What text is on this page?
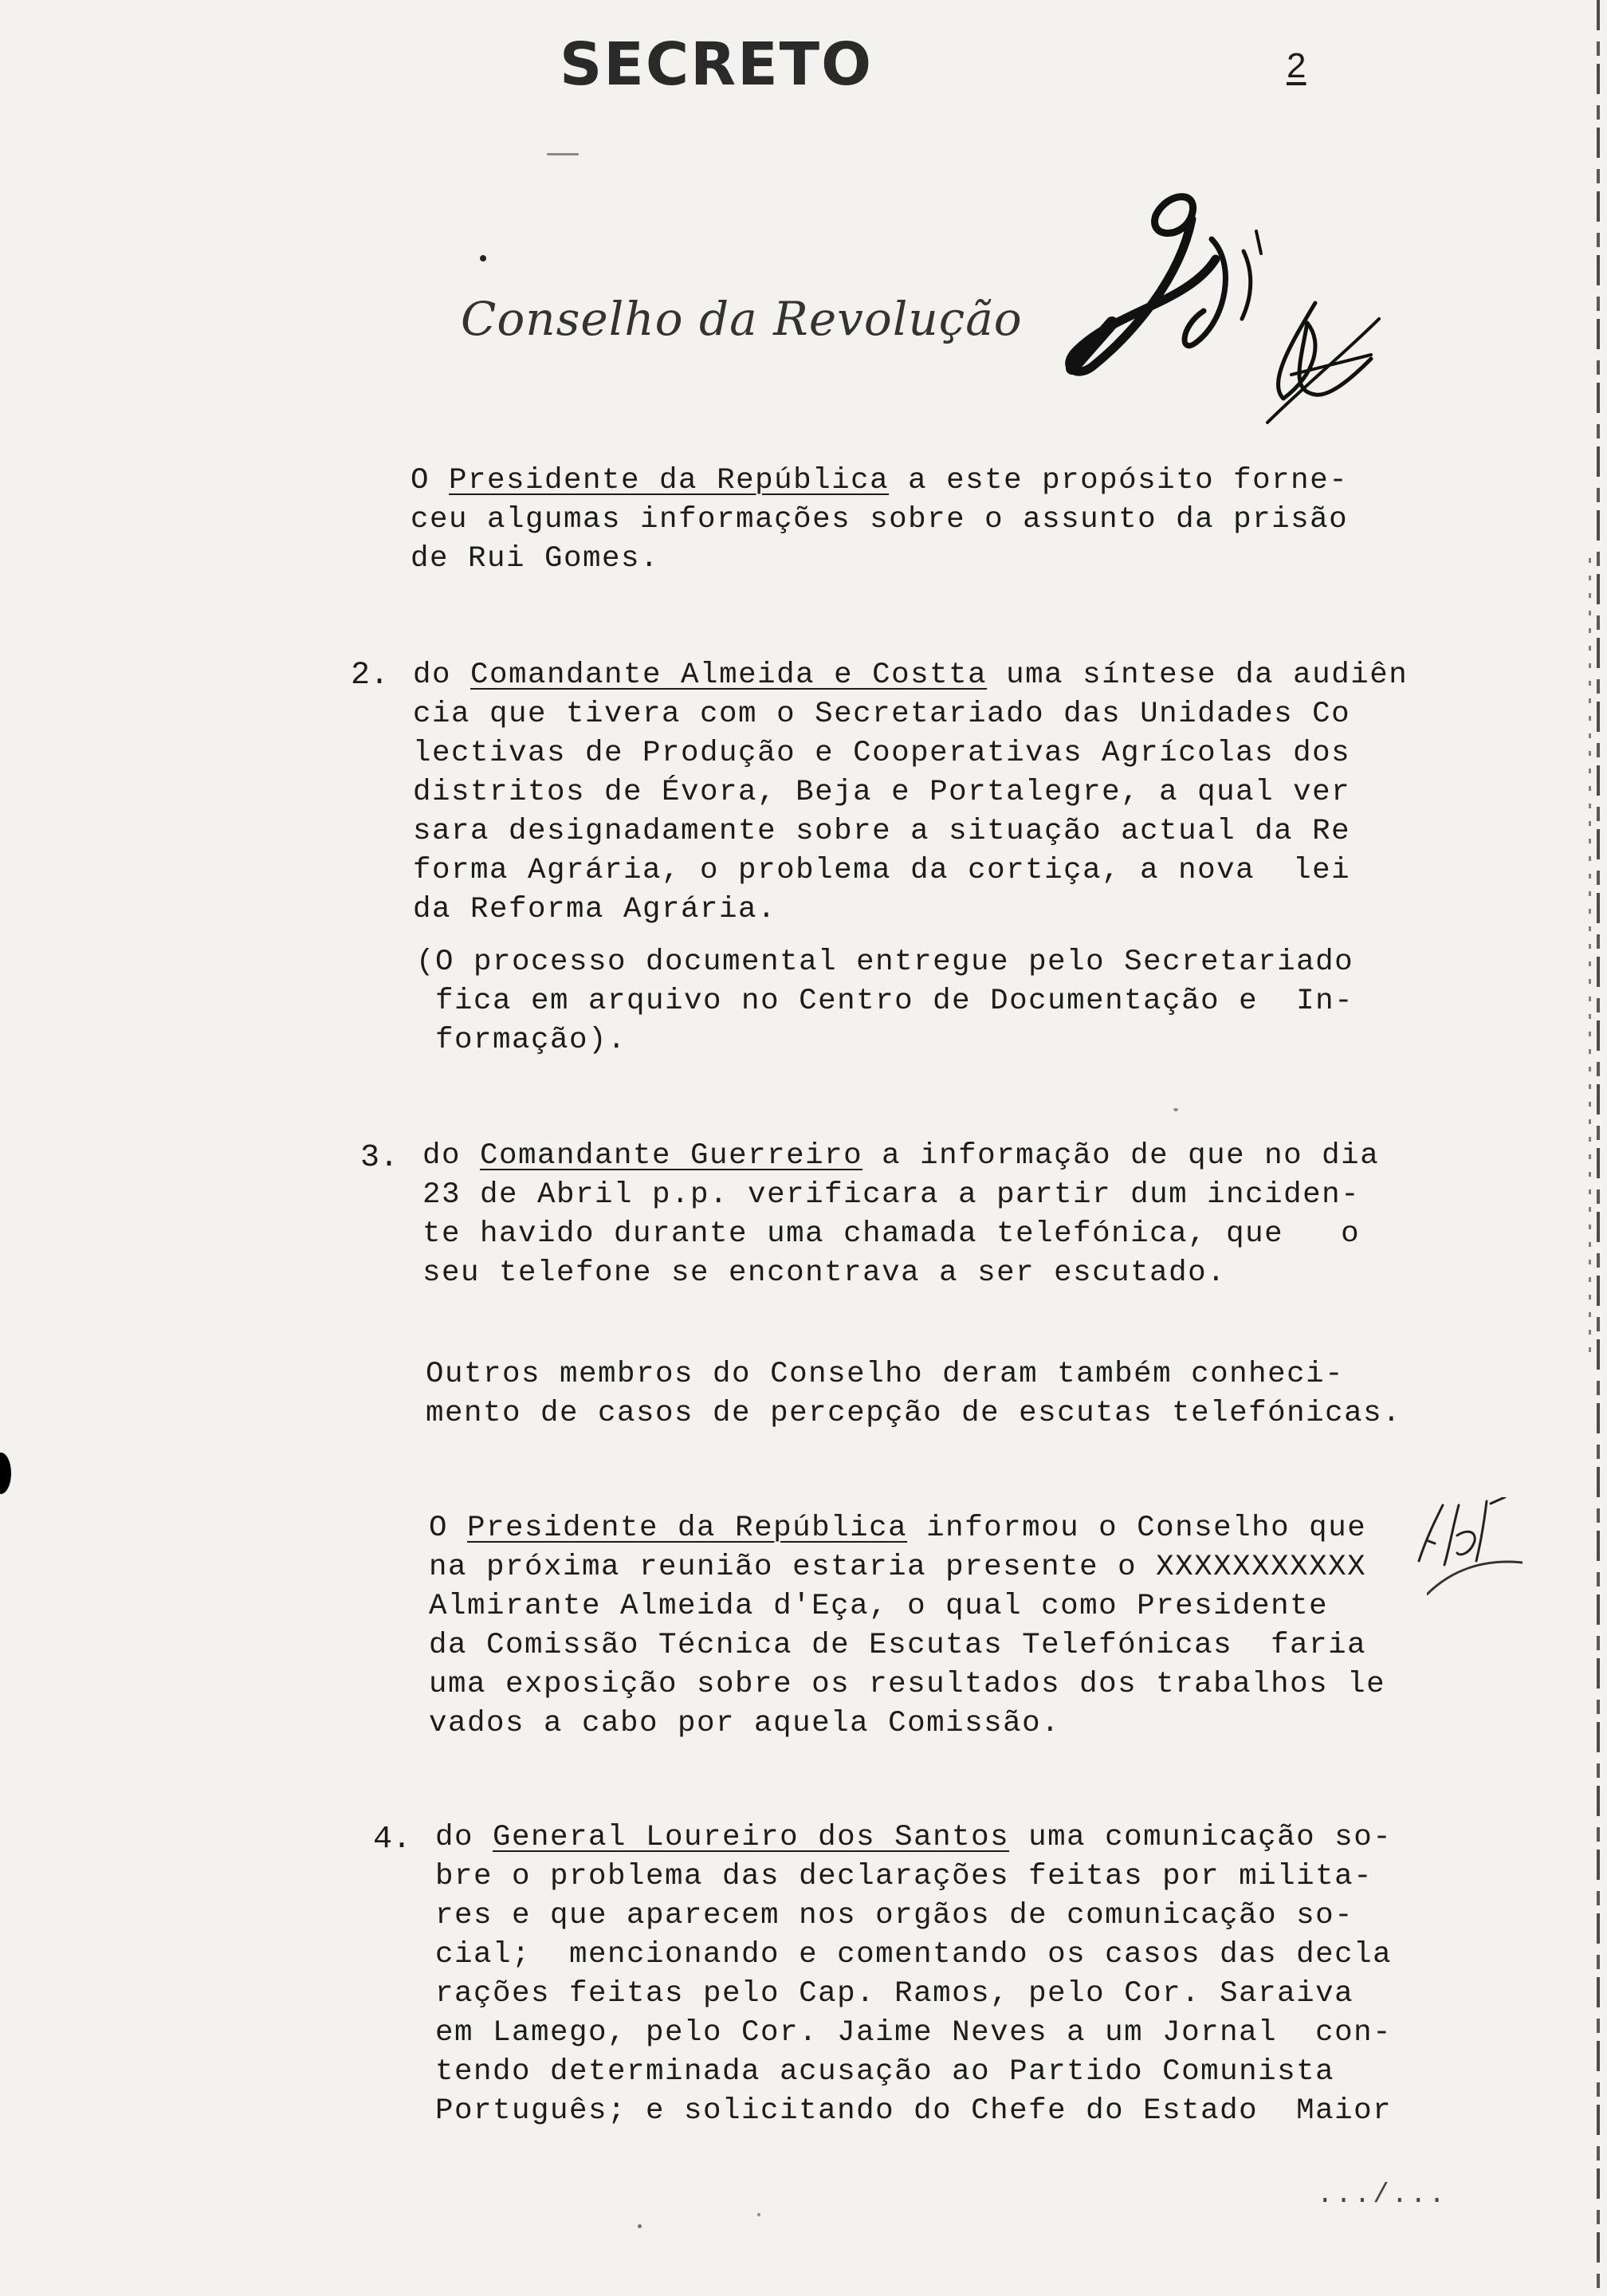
SECRETO	2
Conselho da Revolução
O Presidente da República a este propósito forne-
ceu algumas informações sobre o assunto da prisão
de Rui Gomes.
2. do Comandante Almeida e Costta uma síntese da audiên
cia que tivera com o Secretariado das Unidades Co
lectivas de Produção e Cooperativas Agrícolas dos
distritos de Évora, Beja e Portalegre, a qual ver
sara designadamente sobre a situação actual da Re
forma Agrária, o problema da cortiça, a nova  lei
da Reforma Agrária.
(O processo documental entregue pelo Secretariado
fica em arquivo no Centro de Documentação e  In-
formação).
3. do Comandante Guerreiro a informação de que no dia
23 de Abril p.p. verificara a partir dum inciden-
te havido durante uma chamada telefónica, que   o
seu telefone se encontrava a ser escutado.
Outros membros do Conselho deram também conheci-
mento de casos de percepção de escutas telefónicas.
O Presidente da República informou o Conselho que
na próxima reunião estaria presente o XXXXXXXXXXX
Almirante Almeida d'Eça, o qual como Presidente
da Comissão Técnica de Escutas Telefónicas  faria
uma exposição sobre os resultados dos trabalhos le
vados a cabo por aquela Comissão.
4. do General Loureiro dos Santos uma comunicação so-
bre o problema das declarações feitas por milita-
res e que aparecem nos orgãos de comunicação so-
cial;  mencionando e comentando os casos das decla
rações feitas pelo Cap. Ramos, pelo Cor. Saraiva
em Lamego, pelo Cor. Jaime Neves a um Jornal  con-
tendo determinada acusação ao Partido Comunista
Português; e solicitando do Chefe do Estado  Maior
.../...
